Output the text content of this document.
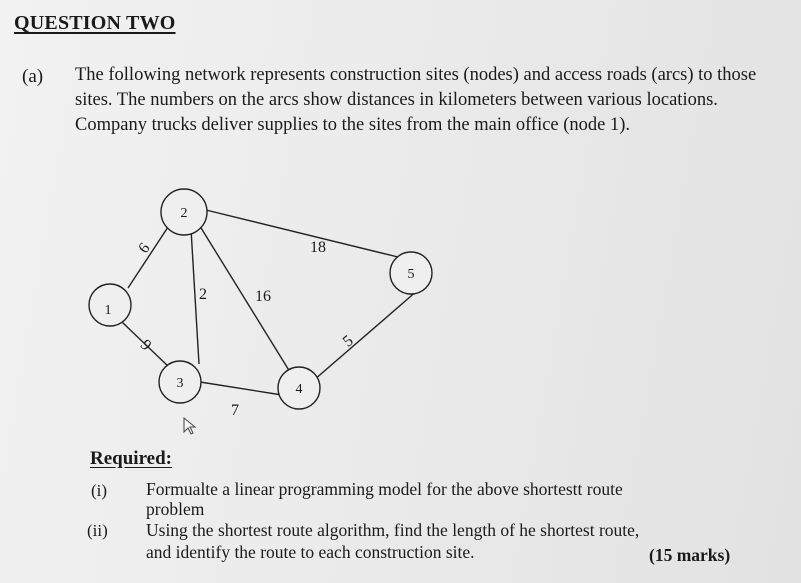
QUESTION TWO
(a) The following network represents construction sites (nodes) and access roads (arcs) to those sites. The numbers on the arcs show distances in kilometers between various locations. Company trucks deliver supplies to the sites from the main office (node 1).
1
2
3	4
5
6
9
2	16
18
7
5
Required:
(i) Formualte a linear programming model for the above shortestt route
problem
(ii) Using the shortest route algorithm, find the length of he shortest route,
and identify the route to each construction site.	(15 marks)
